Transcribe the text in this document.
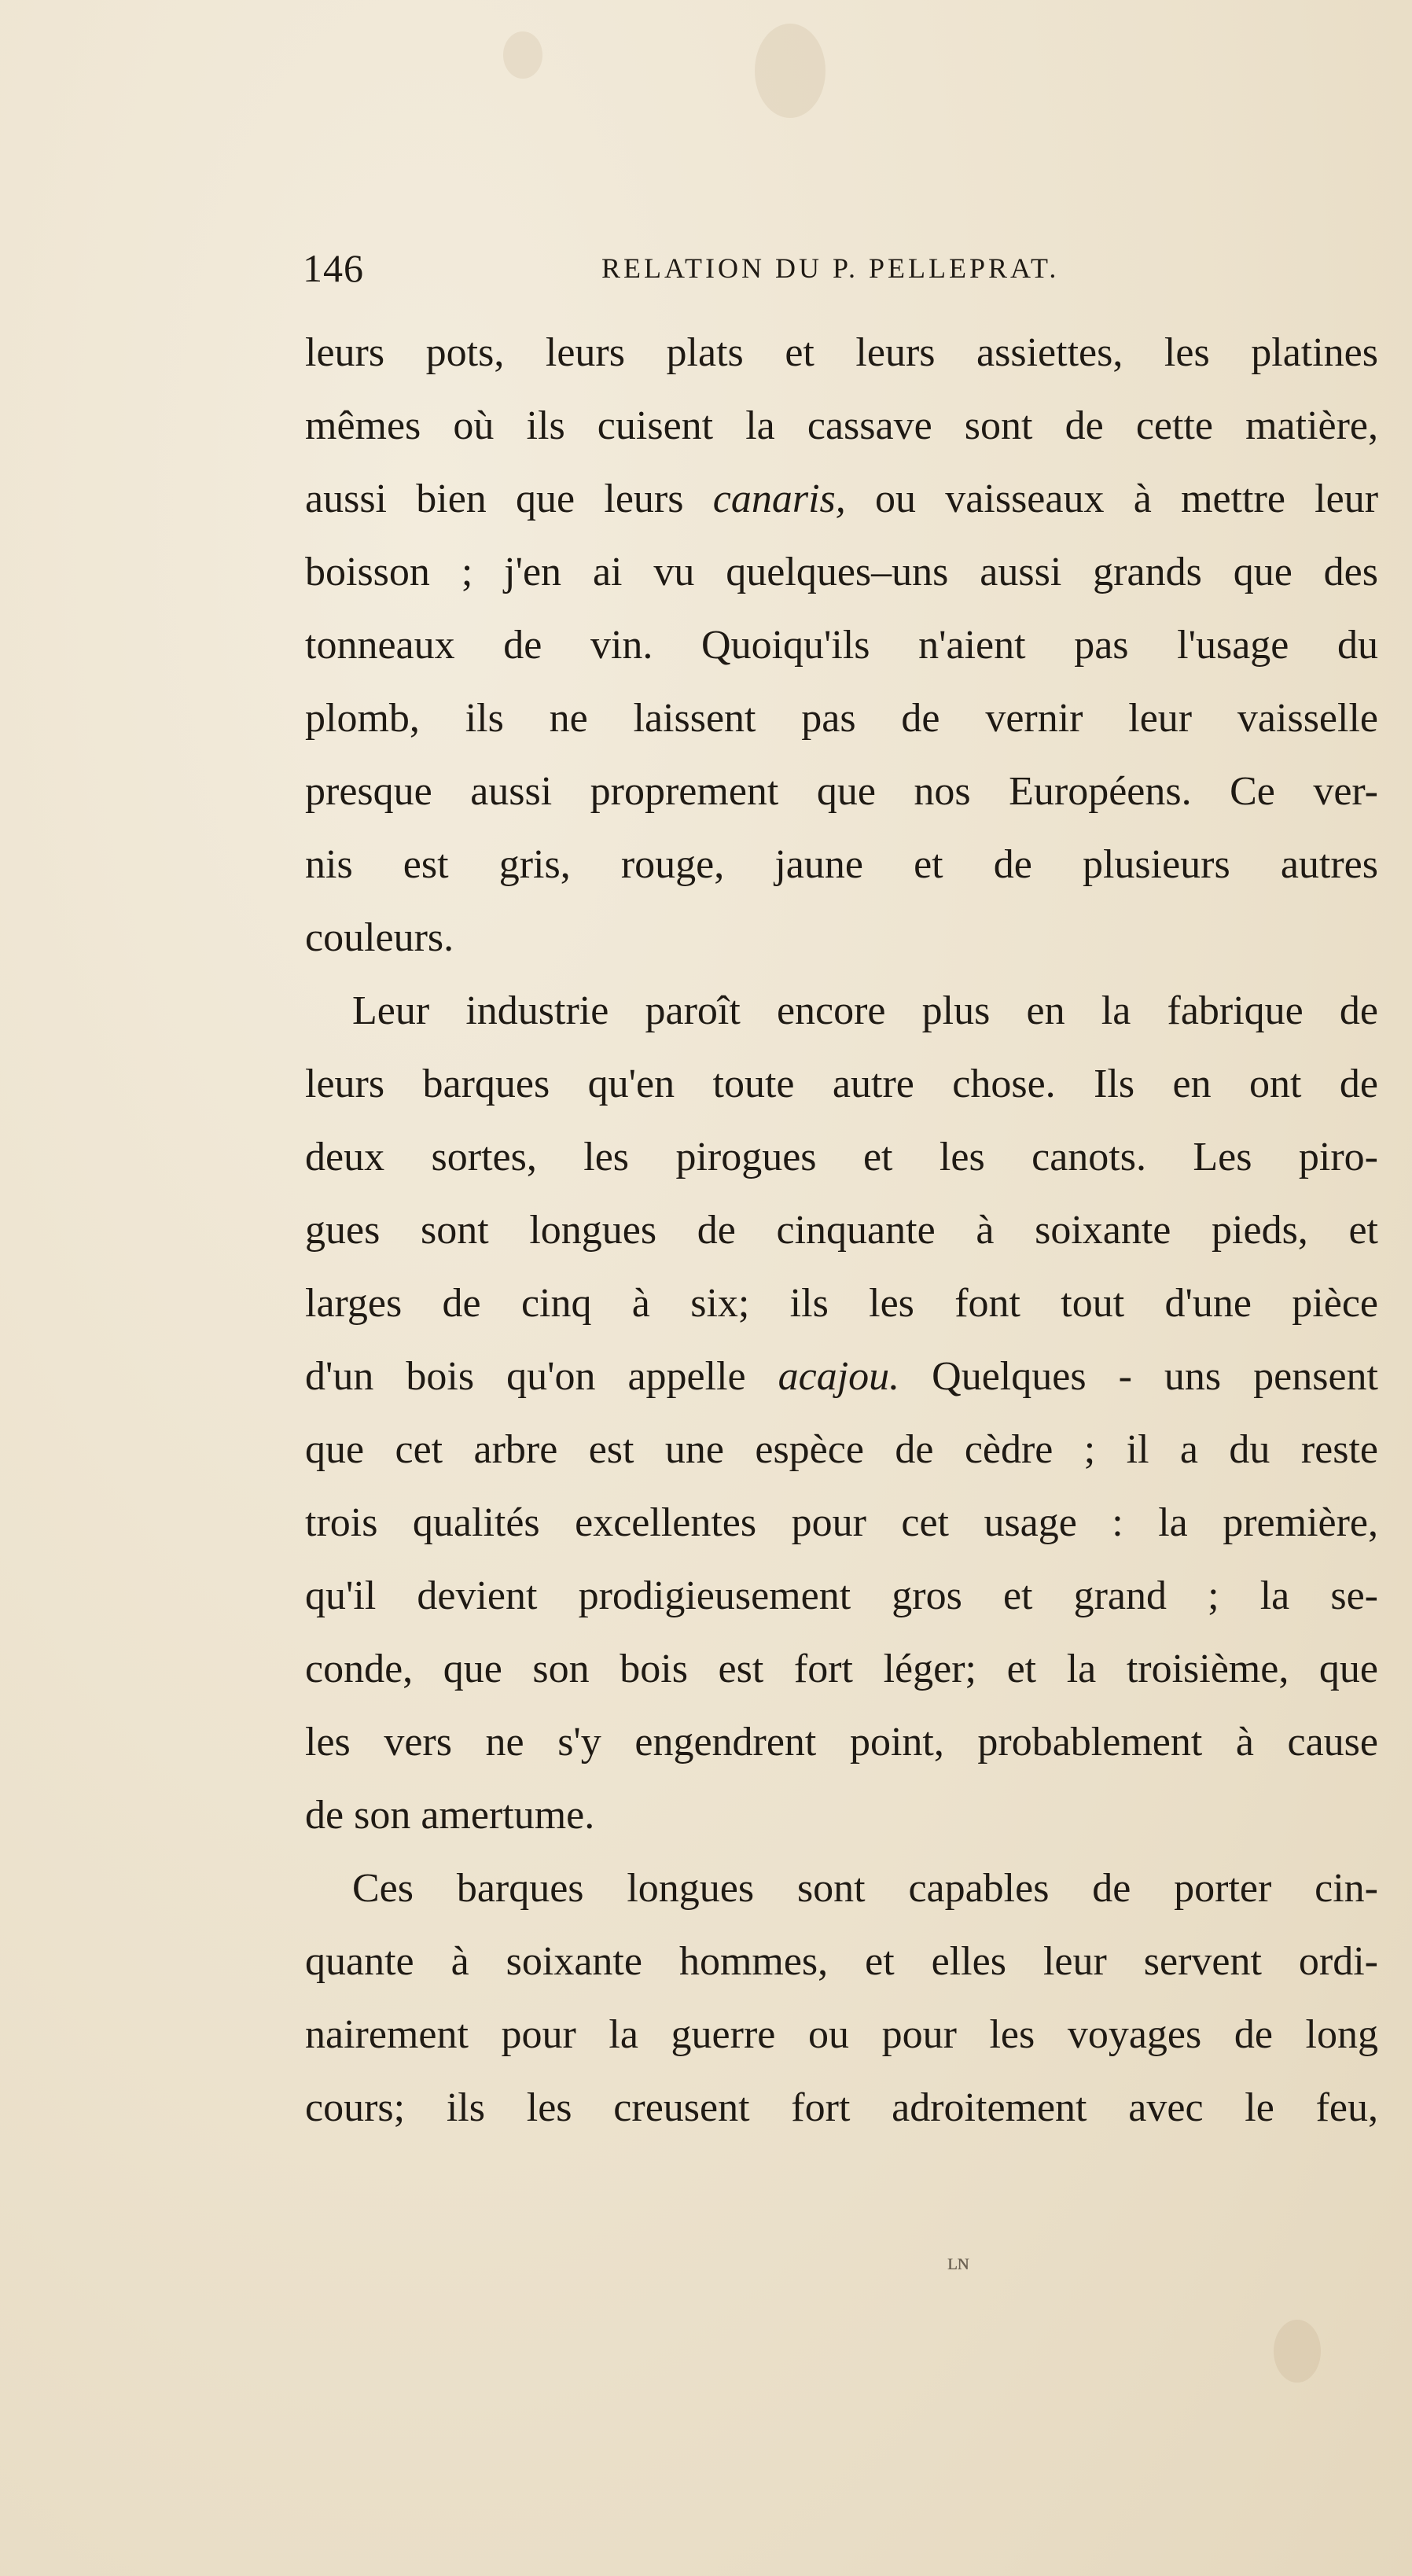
146	RELATION DU P. PELLEPRAT.
leurs pots, leurs plats et leurs assiettes, les platines
mêmes où ils cuisent la cassave sont de cette matière,
aussi bien que leurs canaris, ou vaisseaux à mettre leur
boisson ; j'en ai vu quelques–uns aussi grands que des
tonneaux de vin. Quoiqu'ils n'aient pas l'usage du
plomb, ils ne laissent pas de vernir leur vaisselle
presque aussi proprement que nos Européens. Ce ver-
nis est gris, rouge, jaune et de plusieurs autres
couleurs.
Leur industrie paroît encore plus en la fabrique de
leurs barques qu'en toute autre chose. Ils en ont de
deux sortes, les pirogues et les canots. Les piro-
gues sont longues de cinquante à soixante pieds, et
larges de cinq à six; ils les font tout d'une pièce
d'un bois qu'on appelle acajou. Quelques - uns pensent
que cet arbre est une espèce de cèdre ; il a du reste
trois qualités excellentes pour cet usage : la première,
qu'il devient prodigieusement gros et grand ; la se-
conde, que son bois est fort léger; et la troisième, que
les vers ne s'y engendrent point, probablement à cause
de son amertume.
Ces barques longues sont capables de porter cin-
quante à soixante hommes, et elles leur servent ordi-
nairement pour la guerre ou pour les voyages de long
cours; ils les creusent fort adroitement avec le feu,
ʟɴ
